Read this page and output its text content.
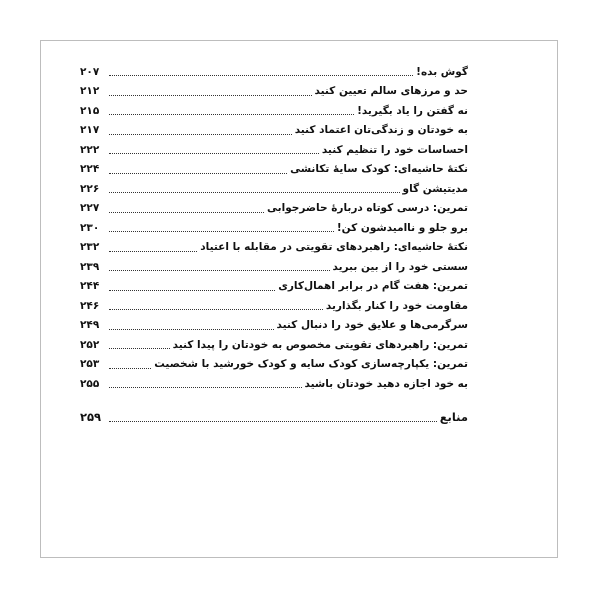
گوش بده!
۲۰۷
حد و مرزهای سالم تعیین کنید
۲۱۲
نه گفتن را یاد بگیرید!
۲۱۵
به خودتان و زندگی‌تان اعتماد کنید
۲۱۷
احساسات خود را تنظیم کنید
۲۲۲
نکتهٔ حاشیه‌ای: کودک سایهٔ تکانشی
۲۲۴
مدیتیشن گاو
۲۲۶
تمرین: درسی کوتاه دربارهٔ حاضرجوابی
۲۲۷
برو جلو و ناامیدشون کن!
۲۳۰
نکتهٔ حاشیه‌ای: راهبردهای تقویتی در مقابله با اعتیاد
۲۳۲
سستی خود را از بین ببرید
۲۳۹
تمرین: هفت گام در برابر اهمال‌کاری
۲۴۴
مقاومت خود را کنار بگذارید
۲۴۶
سرگرمی‌ها و علایق خود را دنبال کنید
۲۴۹
تمرین: راهبردهای تقویتی مخصوص به خودتان را پیدا کنید
۲۵۲
تمرین: یکپارچه‌سازی کودک سایه و کودک خورشید با شخصیت
۲۵۳
به خود اجازه دهید خودتان باشید
۲۵۵
منابع
۲۵۹
